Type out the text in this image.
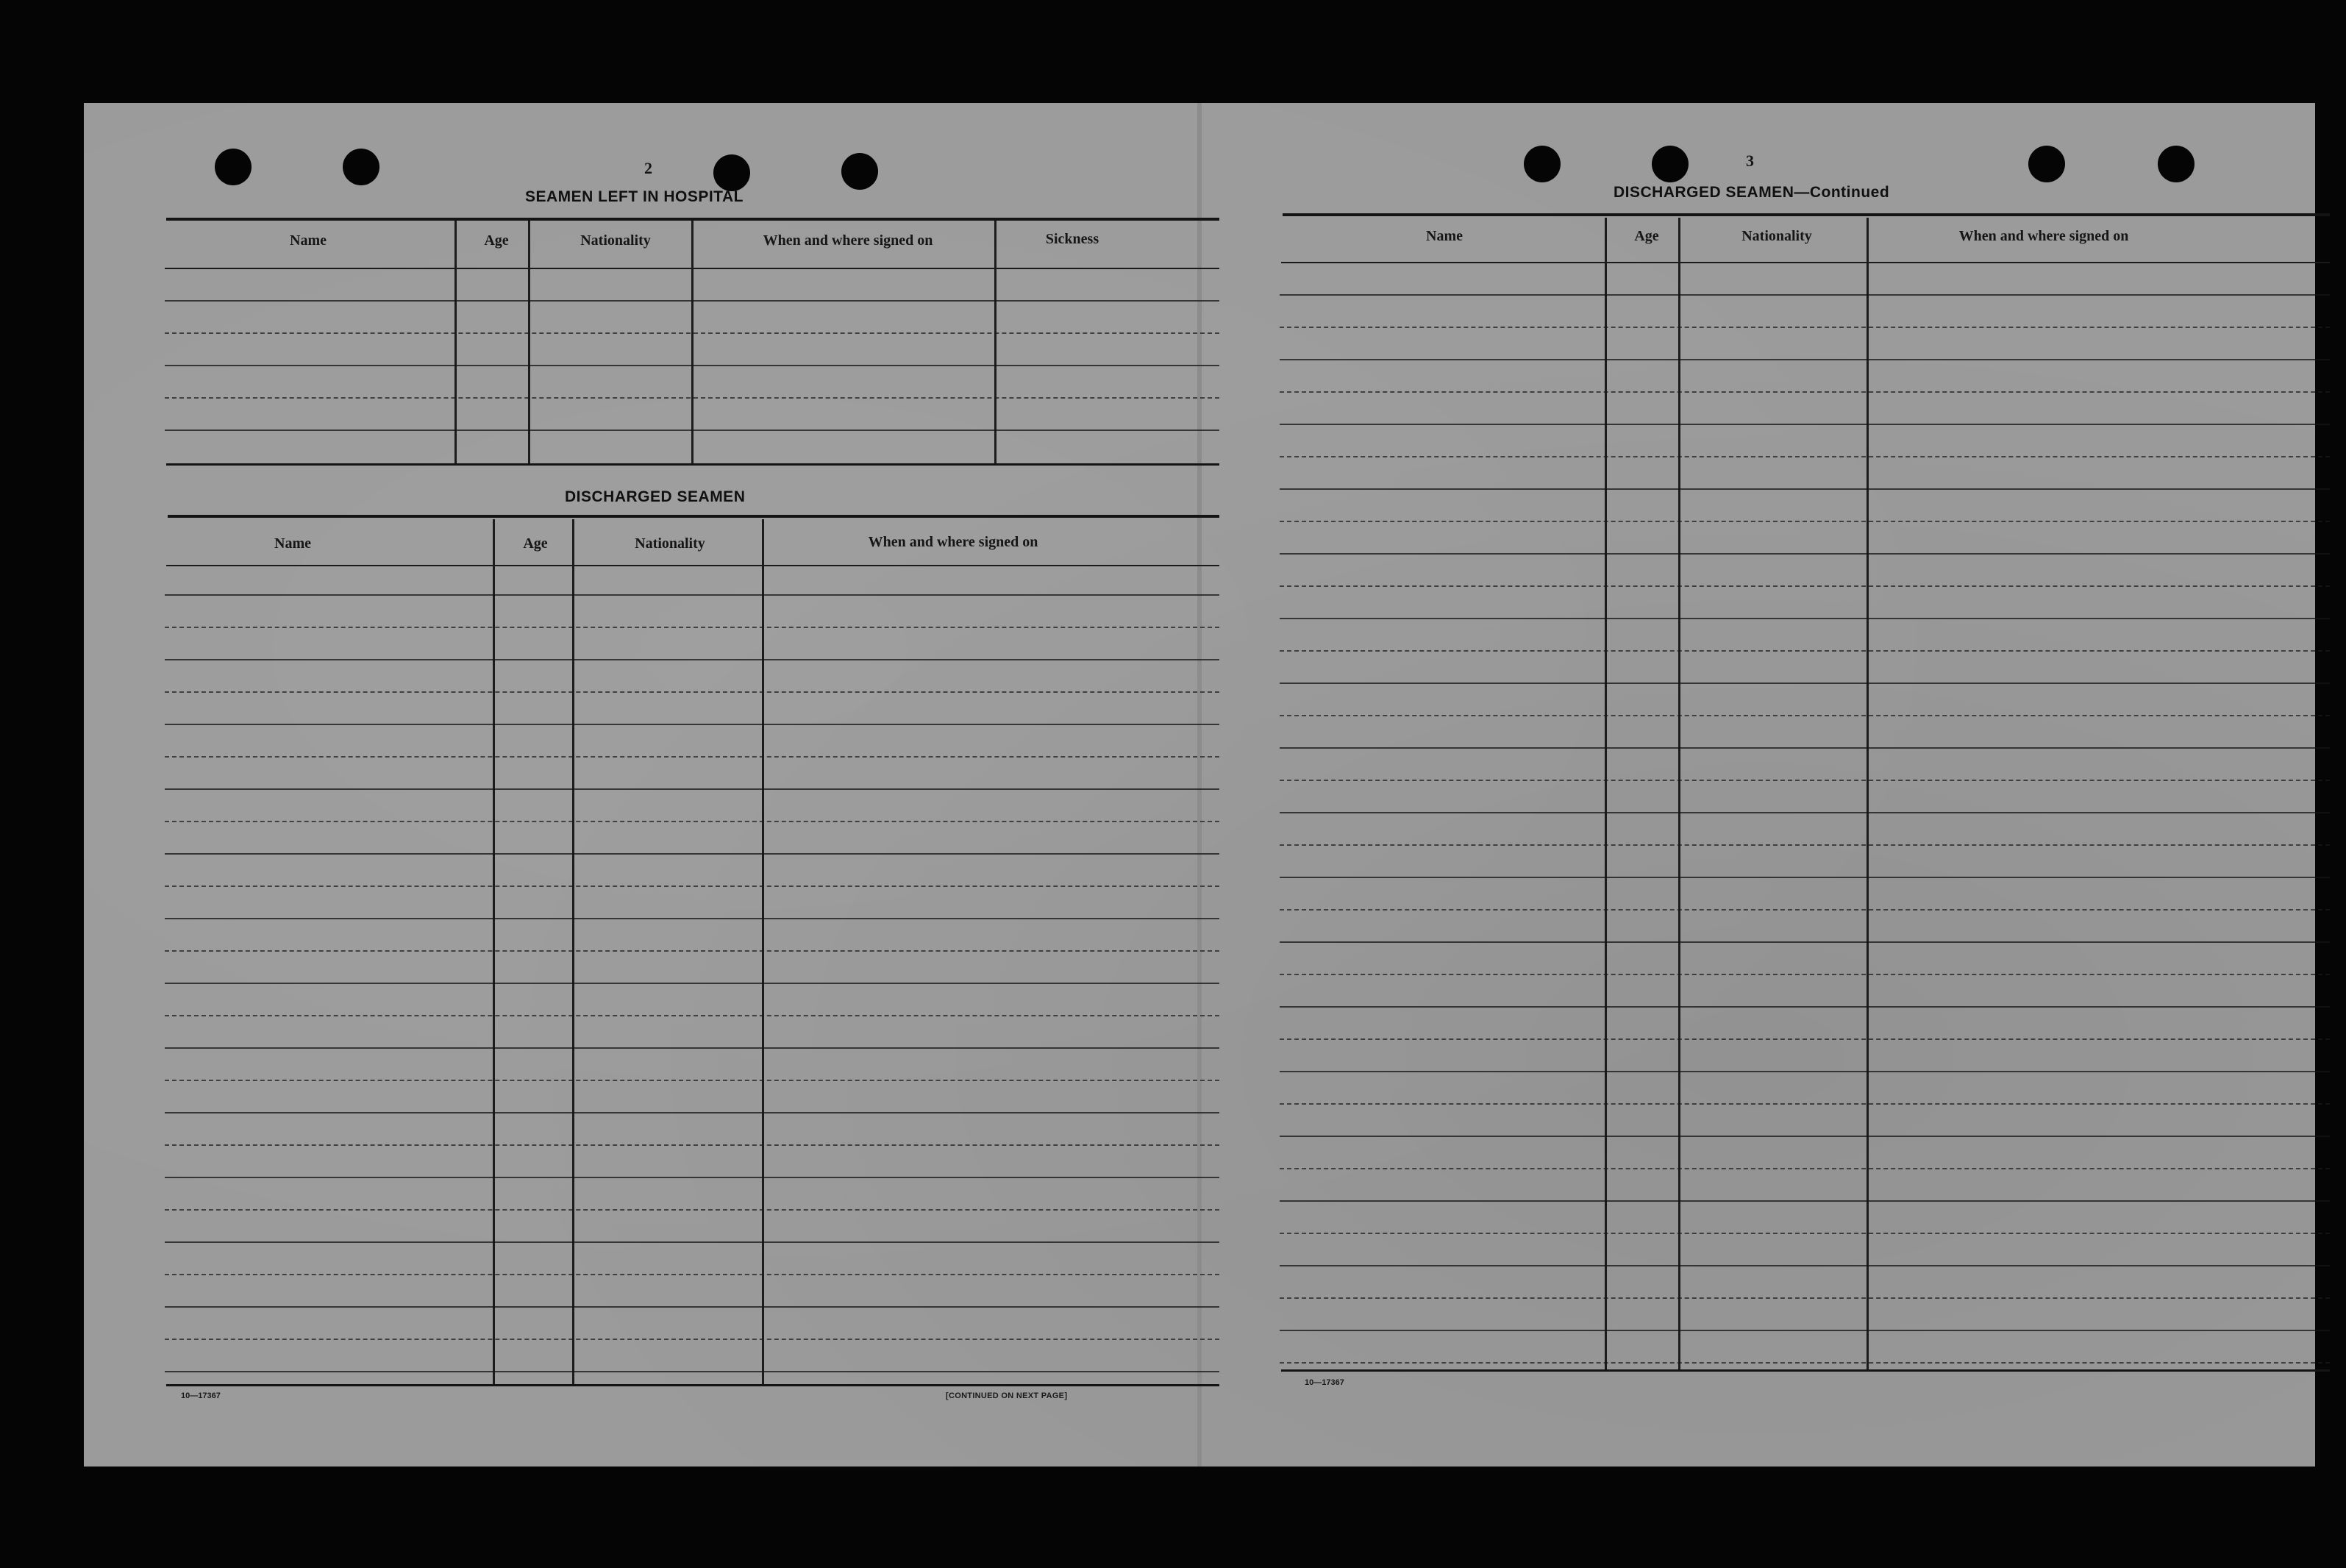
2
SEAMEN LEFT IN HOSPITAL
Name	Age	Nationality	When and where signed on	Sickness
DISCHARGED SEAMEN
Name	Age	Nationality	When and where signed on
10—17367	[CONTINUED ON NEXT PAGE]
3
DISCHARGED SEAMEN—Continued
Name	Age	Nationality	When and where signed on
10—17367
